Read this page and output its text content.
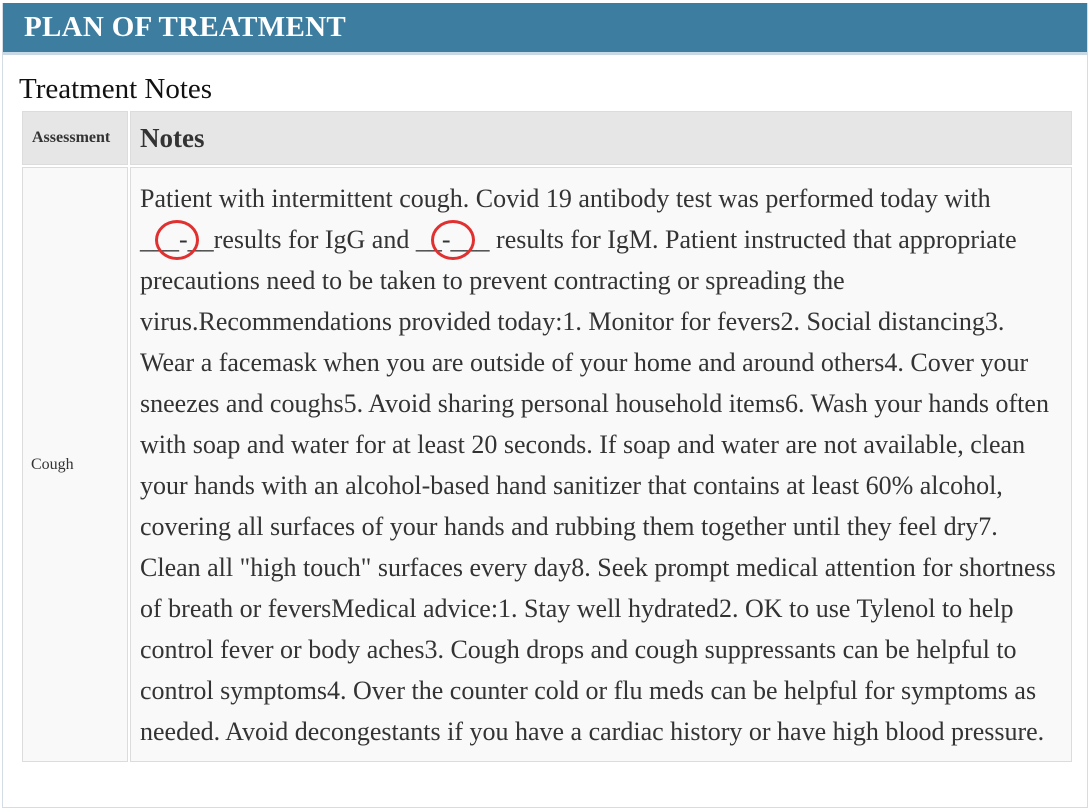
PLAN OF TREATMENT
Treatment Notes
Assessment	Notes
Cough	Patient with intermittent cough. Covid 19 antibody test was performed today with ___-__
results for IgG and __-___
results for IgM. Patient instructed that appropriate precautions need to be taken to prevent contracting or spreading the virus.Recommendations provided today:1. Monitor for fevers2. Social distancing3. Wear a facemask when you are outside of your home and around others4. Cover your sneezes and coughs5. Avoid sharing personal household items6. Wash your hands often with soap and water for at least 20 seconds. If soap and water are not available, clean your hands with an alcohol-based hand sanitizer that contains at least 60% alcohol, covering all surfaces of your hands and rubbing them together until they feel dry7. Clean all "high touch" surfaces every day8. Seek prompt medical attention for shortness of breath or feversMedical advice:1. Stay well hydrated2. OK to use Tylenol to help control fever or body aches3. Cough drops and cough suppressants can be helpful to control symptoms4. Over the counter cold or flu meds can be helpful for symptoms as needed. Avoid decongestants if you have a cardiac history or have high blood pressure.
